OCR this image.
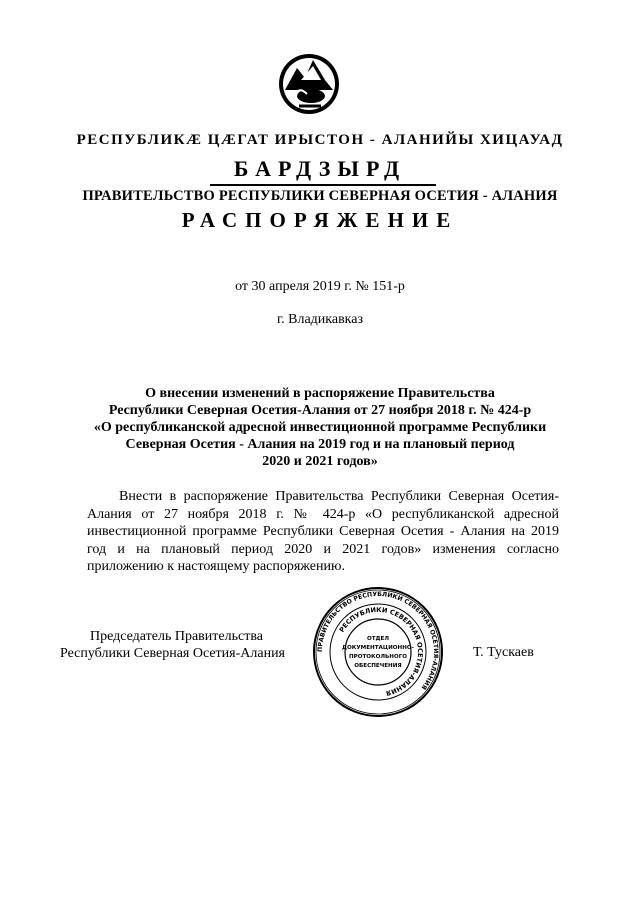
РЕСПУБЛИКÆ ЦÆГАТ ИРЫСТОН - АЛАНИЙЫ ХИЦАУАД
БАРДЗЫРД
ПРАВИТЕЛЬСТВО РЕСПУБЛИКИ СЕВЕРНАЯ ОСЕТИЯ - АЛАНИЯ
РАСПОРЯЖЕНИЕ
от 30 апреля 2019 г. № 151-р
г. Владикавказ
О внесении изменений в распоряжение Правительства
Республики Северная Осетия-Алания от 27 ноября 2018 г. № 424-р
«О республиканской адресной инвестиционной программе Республики
Северная Осетия - Алания на 2019 год и на плановый период
2020 и 2021 годов»
Внести в распоряжение Правительства Республики Северная Осетия-Алания от 27 ноября 2018 г. № 424-р «О республиканской адресной инвестиционной программе Республики Северная Осетия - Алания на 2019 год и на плановый период 2020 и 2021 годов» изменения согласно приложению к настоящему распоряжению.
Председатель Правительства
Республики Северная Осетия-Алания	Т. Тускаев
ПРАВИТЕЛЬСТВО РЕСПУБЛИКИ СЕВЕРНАЯ ОСЕТИЯ-АЛАНИЯ
РЕСПУБЛИКИ СЕВЕРНАЯ ОСЕТИЯ-АЛАНИЯ
ОТДЕЛ
ДОКУМЕНТАЦИОННО-
ПРОТОКОЛЬНОГО
ОБЕСПЕЧЕНИЯ
